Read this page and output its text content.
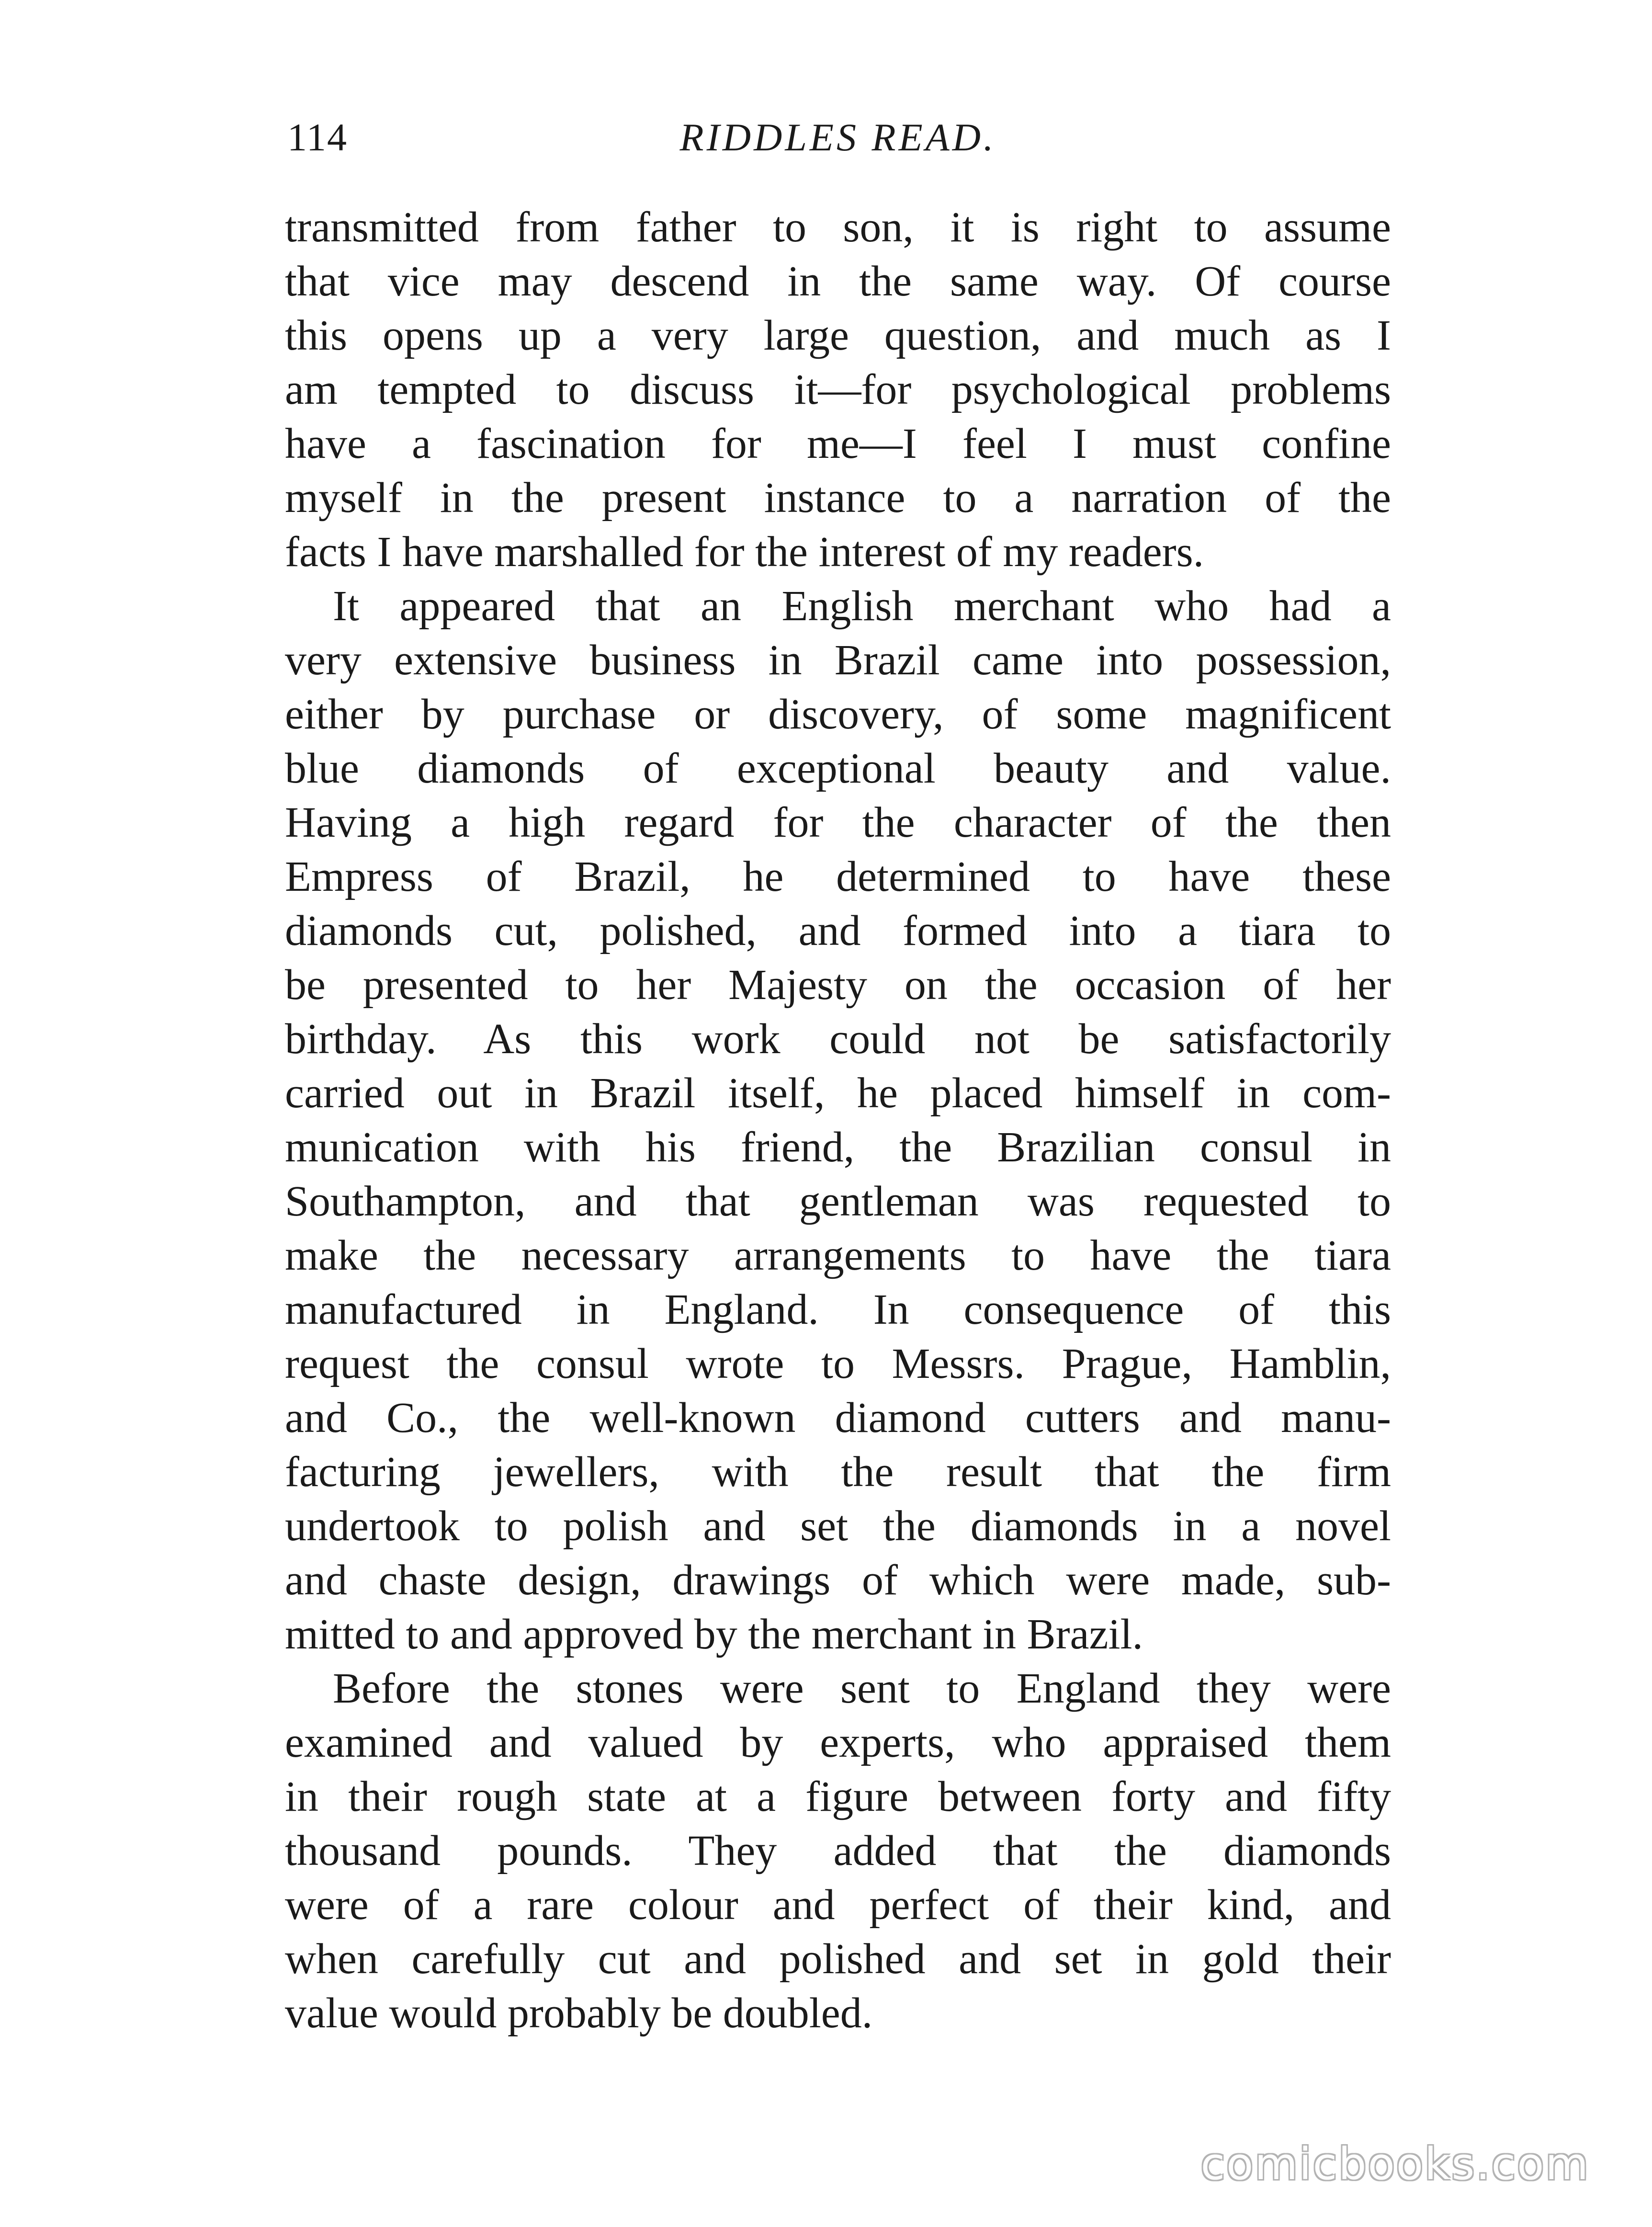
114	RIDDLES READ.
transmitted from father to son, it is right to assume
that vice may descend in the same way. Of course
this opens up a very large question, and much as I
am tempted to discuss it—for psychological problems
have a fascination for me—I feel I must confine
myself in the present instance to a narration of the
facts I have marshalled for the interest of my readers.
It appeared that an English merchant who had a
very extensive business in Brazil came into possession,
either by purchase or discovery, of some magnificent
blue diamonds of exceptional beauty and value.
Having a high regard for the character of the then
Empress of Brazil, he determined to have these
diamonds cut, polished, and formed into a tiara to
be presented to her Majesty on the occasion of her
birthday. As this work could not be satisfactorily
carried out in Brazil itself, he placed himself in com-
munication with his friend, the Brazilian consul in
Southampton, and that gentleman was requested to
make the necessary arrangements to have the tiara
manufactured in England. In consequence of this
request the consul wrote to Messrs. Prague, Hamblin,
and Co., the well-known diamond cutters and manu-
facturing jewellers, with the result that the firm
undertook to polish and set the diamonds in a novel
and chaste design, drawings of which were made, sub-
mitted to and approved by the merchant in Brazil.
Before the stones were sent to England they were
examined and valued by experts, who appraised them
in their rough state at a figure between forty and fifty
thousand pounds. They added that the diamonds
were of a rare colour and perfect of their kind, and
when carefully cut and polished and set in gold their
value would probably be doubled.
comicbooks.com
